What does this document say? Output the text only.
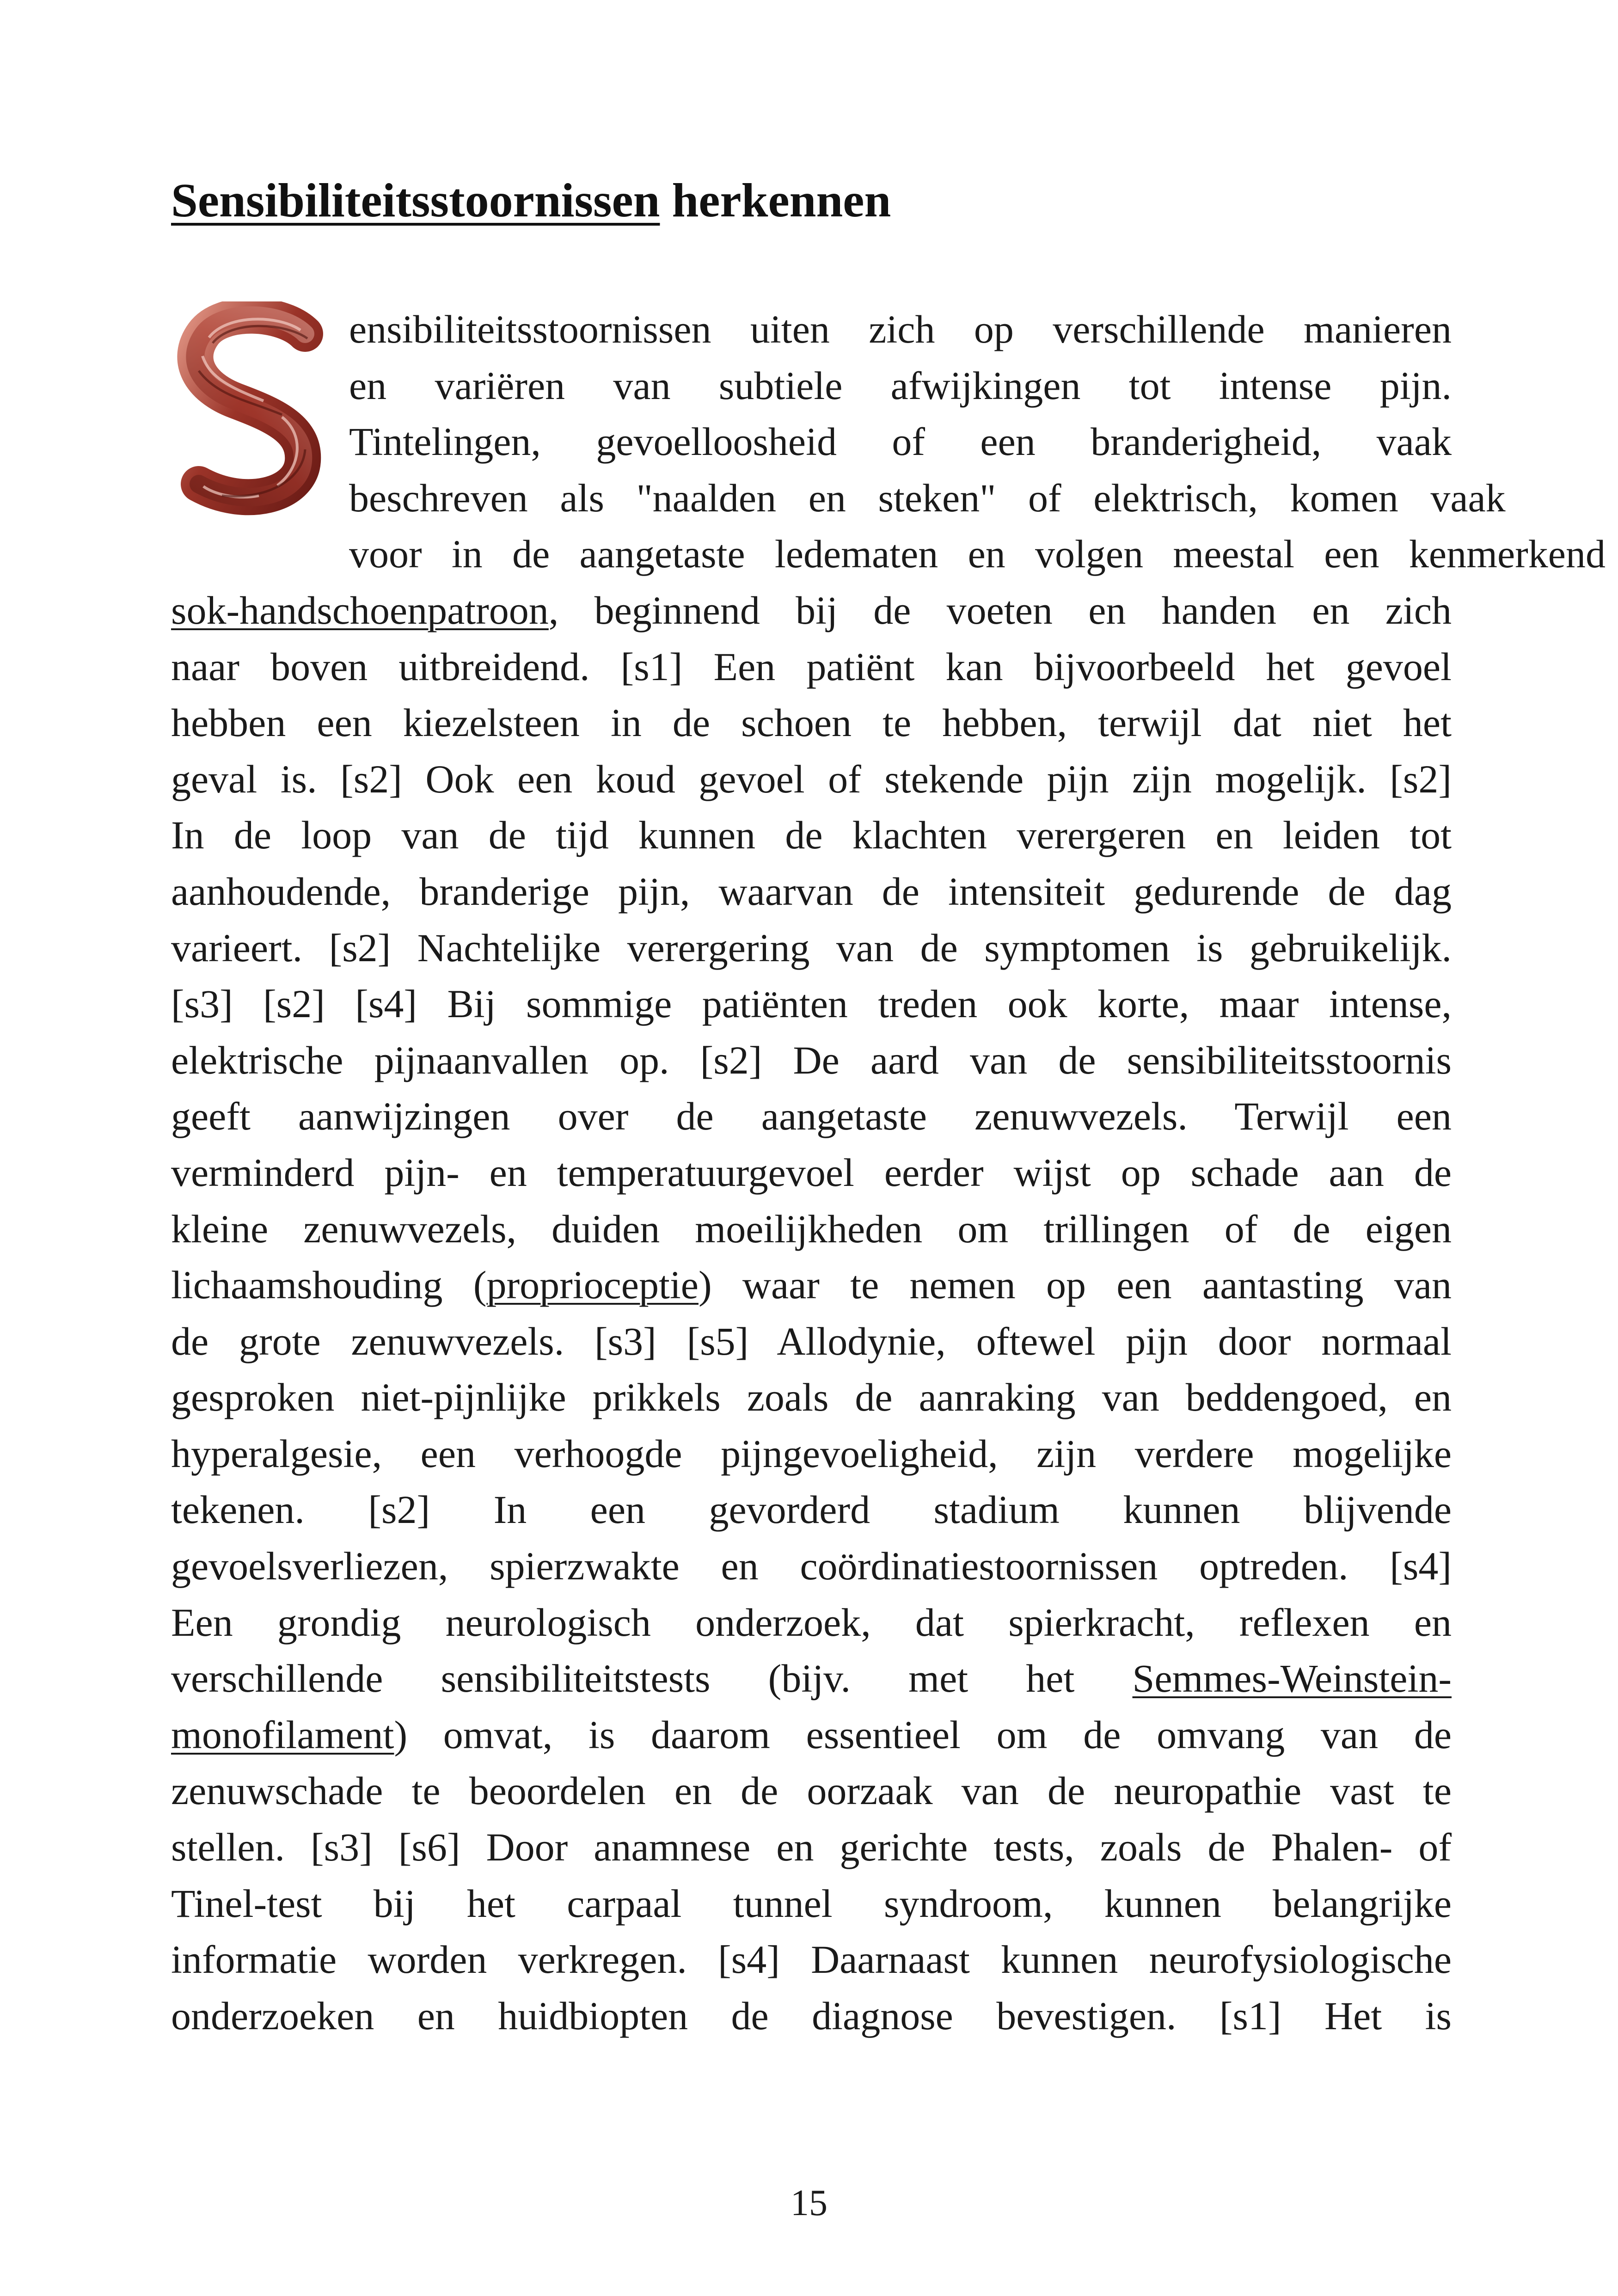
Sensibiliteitsstoornissen herkennen
ensibiliteitsstoornissen uiten zich op verschillende manieren
en variëren van subtiele afwijkingen tot intense pijn.
Tintelingen, gevoelloosheid of een branderigheid, vaak
beschreven als "naalden en steken" of elektrisch, komen vaak
voor in de aangetaste ledematen en volgen meestal een kenmerkend
sok-handschoenpatroon, beginnend bij de voeten en handen en zich
naar boven uitbreidend. [s1] Een patiënt kan bijvoorbeeld het gevoel
hebben een kiezelsteen in de schoen te hebben, terwijl dat niet het
geval is. [s2] Ook een koud gevoel of stekende pijn zijn mogelijk. [s2]
In de loop van de tijd kunnen de klachten verergeren en leiden tot
aanhoudende, branderige pijn, waarvan de intensiteit gedurende de dag
varieert. [s2] Nachtelijke verergering van de symptomen is gebruikelijk.
[s3] [s2] [s4] Bij sommige patiënten treden ook korte, maar intense,
elektrische pijnaanvallen op. [s2] De aard van de sensibiliteitsstoornis
geeft aanwijzingen over de aangetaste zenuwvezels. Terwijl een
verminderd pijn- en temperatuurgevoel eerder wijst op schade aan de
kleine zenuwvezels, duiden moeilijkheden om trillingen of de eigen
lichaamshouding (proprioceptie) waar te nemen op een aantasting van
de grote zenuwvezels. [s3] [s5] Allodynie, oftewel pijn door normaal
gesproken niet-pijnlijke prikkels zoals de aanraking van beddengoed, en
hyperalgesie, een verhoogde pijngevoeligheid, zijn verdere mogelijke
tekenen. [s2] In een gevorderd stadium kunnen blijvende
gevoelsverliezen, spierzwakte en coördinatiestoornissen optreden. [s4]
Een grondig neurologisch onderzoek, dat spierkracht, reflexen en
verschillende sensibiliteitstests (bijv. met het Semmes-Weinstein-
monofilament) omvat, is daarom essentieel om de omvang van de
zenuwschade te beoordelen en de oorzaak van de neuropathie vast te
stellen. [s3] [s6] Door anamnese en gerichte tests, zoals de Phalen- of
Tinel-test bij het carpaal tunnel syndroom, kunnen belangrijke
informatie worden verkregen. [s4] Daarnaast kunnen neurofysiologische
onderzoeken en huidbiopten de diagnose bevestigen. [s1] Het is
15
